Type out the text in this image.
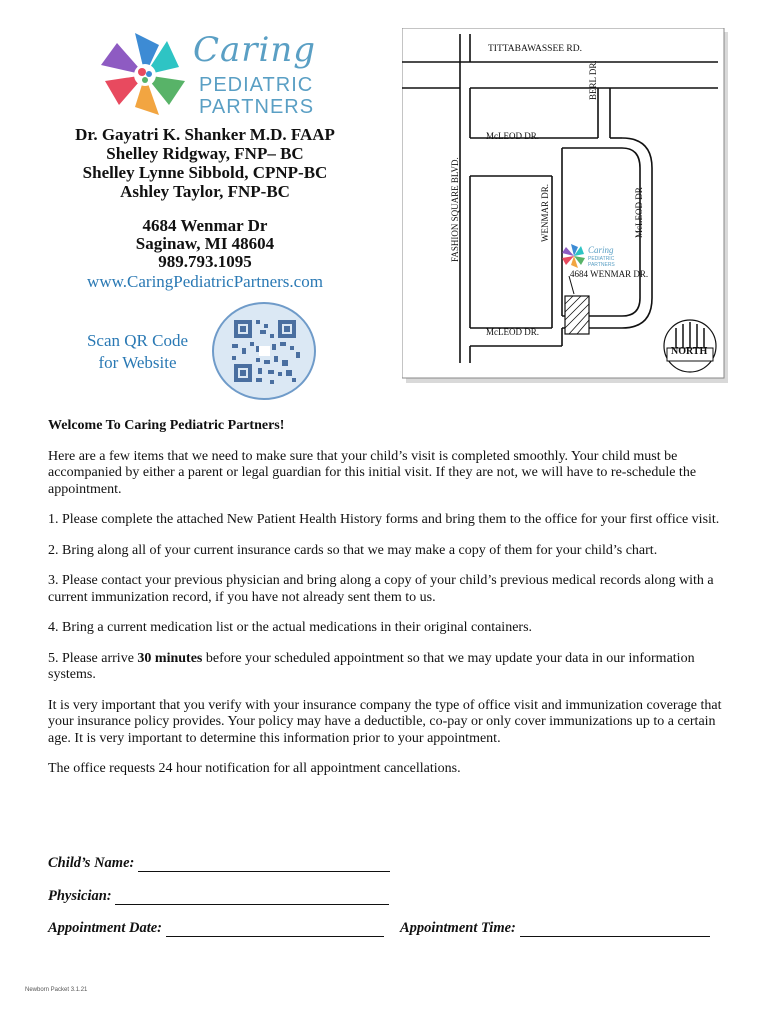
Caring
PEDIATRIC
PARTNERS
Dr. Gayatri K. Shanker M.D. FAAP
Shelley Ridgway, FNP– BC
Shelley Lynne Sibbold, CPNP-BC
Ashley Taylor, FNP-BC
4684 Wenmar Dr
Saginaw, MI 48604
989.793.1095
www.CaringPediatricPartners.com
Scan QR Code
for Website
TITTABAWASSEE RD.
BERL DR.
FASHION SQUARE BLVD.
McLEOD DR.
WENMAR DR.	McLEOD DR
McLEOD DR.
Caring
PEDIATRIC
PARTNERS
4684 WENMAR DR.
NORTH

Welcome To Caring Pediatric Partners!

Here are a few items that we need to make sure that your child’s visit is completed smoothly. Your child must be accompanied by either a parent or legal guardian for this initial visit. If they are not, we will have to re-schedule the appointment.

1. Please complete the attached New Patient Health History forms and bring them to the office for your first office visit.

2. Bring along all of your current insurance cards so that we may make a copy of them for your child’s chart.

3. Please contact your previous physician and bring along a copy of your child’s previous medical records along with a current immunization record, if you have not already sent them to us.

4. Bring a current medication list or the actual medications in their original containers.

5. Please arrive 30 minutes before your scheduled appointment so that we may update your data in our information systems.

It is very important that you verify with your insurance company the type of office visit and immunization coverage that your insurance policy provides. Your policy may have a deductible, co-pay or only cover immunizations up to a certain age. It is very important to determine this information prior to your appointment.

The office requests 24 hour notification for all appointment cancellations.

Child’s Name:
Physician:
Appointment Date:	Appointment Time:
Newborn Packet 3.1.21
